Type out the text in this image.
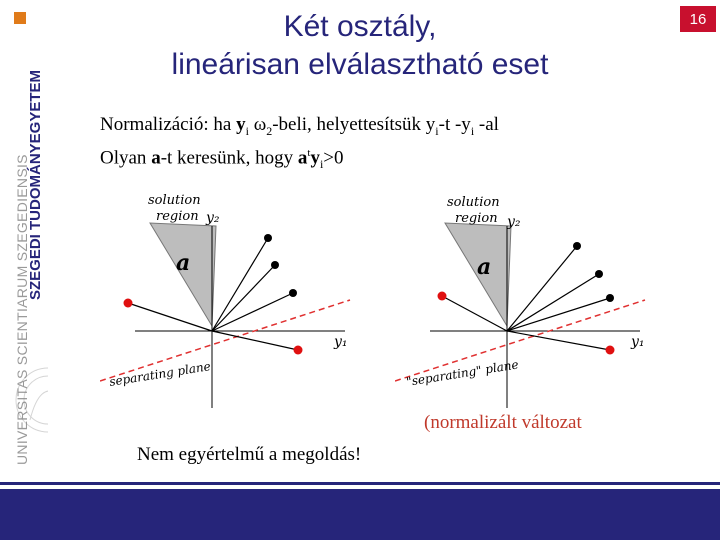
SZEGEDI TUDOMÁNYEGYETEM
UNIVERSITAS SCIENTIARUM SZEGEDIENSIS
16
Két osztály,
lineárisan elválasztható eset
Normalizáció: ha $y_i$ $\omega_2$-beli, helyettesítsük $y_i-t$ $-y_i$ -al
Olyan a-t keresünk, hogy $a^ty_i>0$
solution
region y₂
y₁
a
separating plane
solution
region y₂
y₁
a
"separating" plane
(normalizált változat
Nem egyértelmű a megoldás!
